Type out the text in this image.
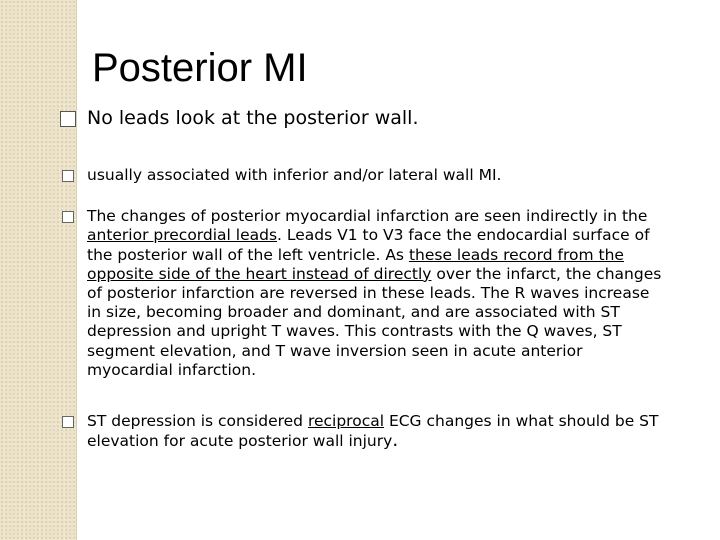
Posterior MI
No leads look at the posterior wall.
usually associated with inferior and/or lateral wall MI.
The changes of posterior myocardial infarction are seen indirectly in the anterior precordial leads. Leads V1 to V3 face the endocardial surface of the posterior wall of the left ventricle. As these leads record from the opposite side of the heart instead of directly over the infarct, the changes of posterior infarction are reversed in these leads. The R waves increase in size, becoming broader and dominant, and are associated with ST depression and upright T waves. This contrasts with the Q waves, ST segment elevation, and T wave inversion seen in acute anterior myocardial infarction.
ST depression is considered reciprocal ECG changes in what should be ST elevation for acute posterior wall injury.
